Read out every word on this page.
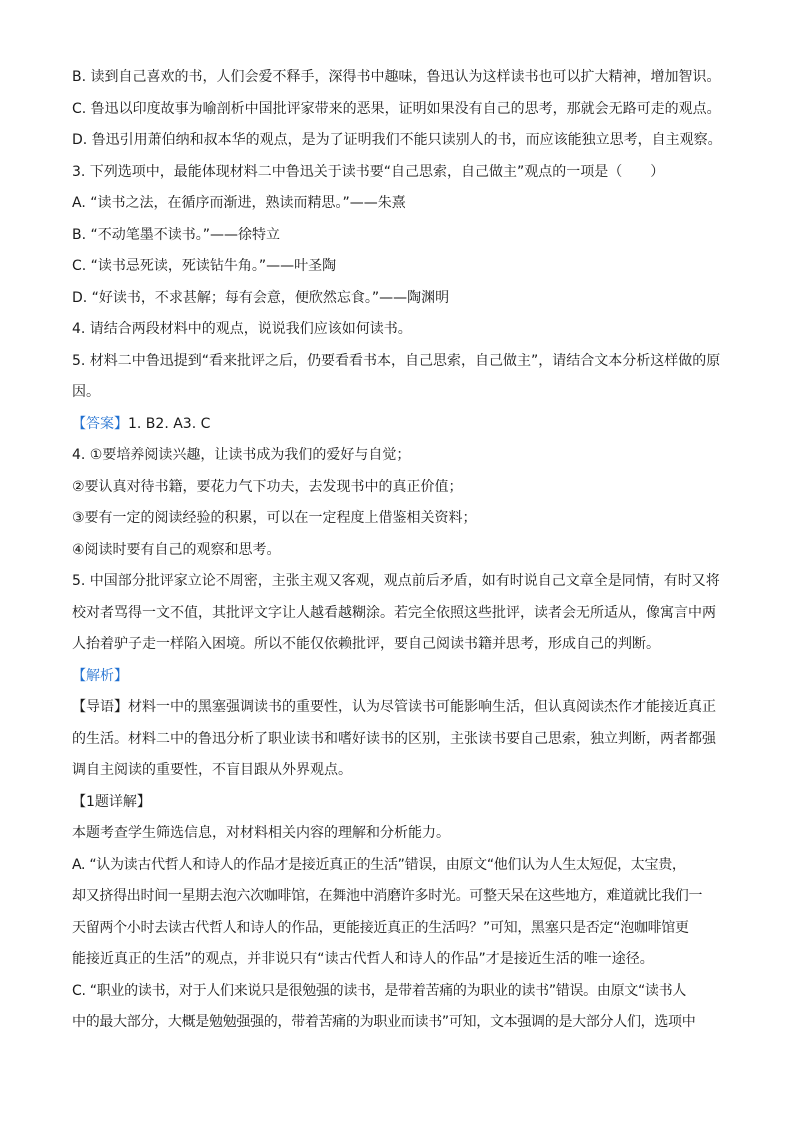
B. 读到自己喜欢的书，人们会爱不释手，深得书中趣味，鲁迅认为这样读书也可以扩大精神，增加智识。
C. 鲁迅以印度故事为喻剖析中国批评家带来的恶果，证明如果没有自己的思考，那就会无路可走的观点。
D. 鲁迅引用萧伯纳和叔本华的观点，是为了证明我们不能只读别人的书，而应该能独立思考，自主观察。
3. 下列选项中，最能体现材料二中鲁迅关于读书要“自己思索，自己做主”观点的一项是（　　）
A. “读书之法，在循序而渐进，熟读而精思。”——朱熹
B. “不动笔墨不读书。”——徐特立
C. “读书忌死读，死读钻牛角。”——叶圣陶
D. “好读书，不求甚解；每有会意，便欣然忘食。”——陶渊明
4. 请结合两段材料中的观点，说说我们应该如何读书。
5. 材料二中鲁迅提到“看来批评之后，仍要看看书本，自己思索，自己做主”，请结合文本分析这样做的原
因。
【答案】1. B2. A3. C
4. ①要培养阅读兴趣，让读书成为我们的爱好与自觉；
②要认真对待书籍，要花力气下功夫，去发现书中的真正价值；
③要有一定的阅读经验的积累，可以在一定程度上借鉴相关资料；
④阅读时要有自己的观察和思考。
5. 中国部分批评家立论不周密，主张主观又客观，观点前后矛盾，如有时说自己文章全是同情，有时又将
校对者骂得一文不值，其批评文字让人越看越糊涂。若完全依照这些批评，读者会无所适从，像寓言中两
人抬着驴子走一样陷入困境。所以不能仅依赖批评，要自己阅读书籍并思考，形成自己的判断。
【解析】
【导语】材料一中的黑塞强调读书的重要性，认为尽管读书可能影响生活，但认真阅读杰作才能接近真正
的生活。材料二中的鲁迅分析了职业读书和嗜好读书的区别，主张读书要自己思索，独立判断，两者都强
调自主阅读的重要性，不盲目跟从外界观点。
【1题详解】
本题考查学生筛选信息，对材料相关内容的理解和分析能力。
A. “认为读古代哲人和诗人的作品才是接近真正的生活”错误，由原文“他们认为人生太短促，太宝贵，
却又挤得出时间一星期去泡六次咖啡馆，在舞池中消磨许多时光。可整天呆在这些地方，难道就比我们一
天留两个小时去读古代哲人和诗人的作品，更能接近真正的生活吗？”可知，黑塞只是否定“泡咖啡馆更
能接近真正的生活”的观点，并非说只有“读古代哲人和诗人的作品”才是接近生活的唯一途径。
C. “职业的读书，对于人们来说只是很勉强的读书，是带着苦痛的为职业的读书”错误。由原文“读书人
中的最大部分，大概是勉勉强强的，带着苦痛的为职业而读书”可知，文本强调的是大部分人们，选项中
